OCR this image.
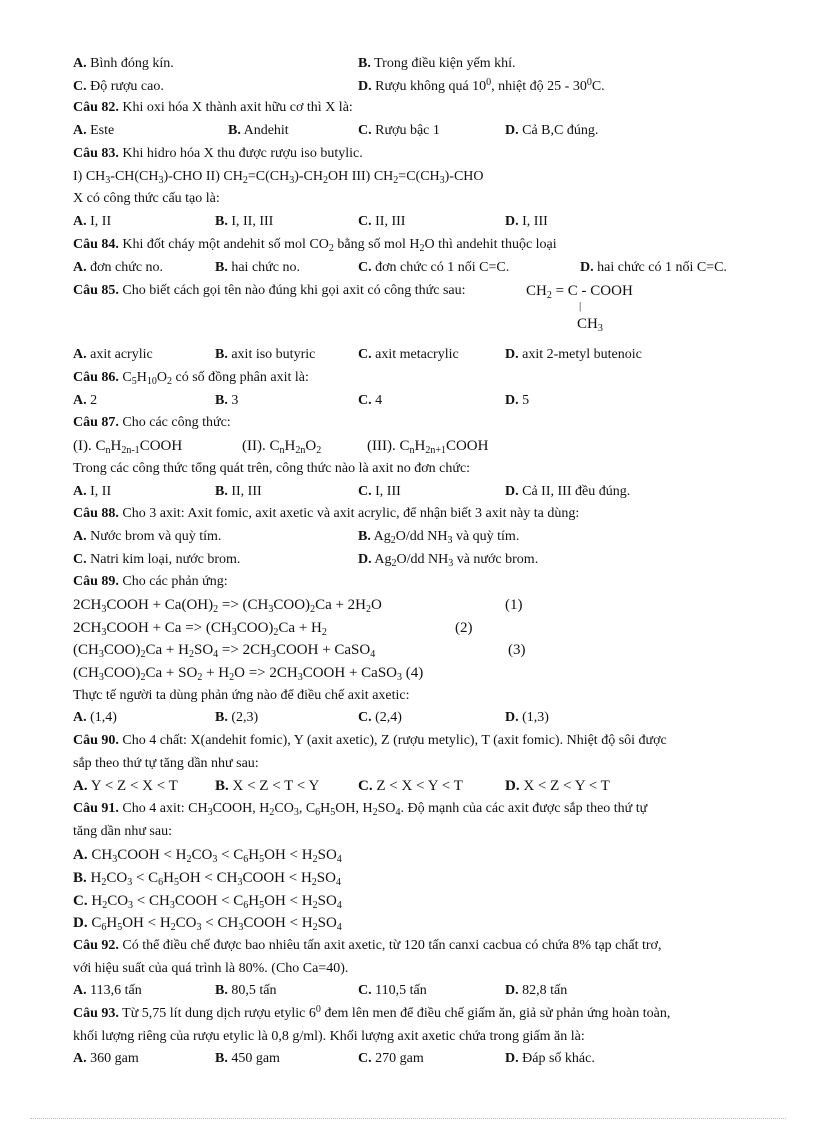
A. Bình đóng kín.	B. Trong điều kiện yếm khí.
C. Độ rượu cao.	D. Rượu không quá $10^0$, nhiệt độ $25 - 30^0C$.
Câu 82. Khi oxi hóa X thành axit hữu cơ thì X là:
A. Este	B. Andehit	C. Rượu bậc 1	D. Cả B,C đúng.
Câu 83. Khi hidro hóa X thu được rượu iso butylic.
I) $CH_3-CH(CH_3)$-CHO II) $CH_2=C(CH_3)-CH_2OH$ III) $CH_2=C(CH_3)$-CHO
X có công thức cấu tạo là:
A. I, II	B. I, II, III	C. II, III	D. I, III
Câu 84. Khi đốt cháy một andehit số mol $CO_2$ bằng số mol $H_2O$ thì andehit thuộc loại
A. đơn chức no.	B. hai chức no.	C. đơn chức có 1 nối C=C.	D. hai chức có 1 nối C=C.
Câu 85. Cho biết cách gọi tên nào đúng khi gọi axit có công thức sau:	$CH_2 = C$ - COOH
|
$CH_3$
A. axit acrylic	B. axit iso butyric	C. axit metacrylic	D. axit 2-metyl butenoic
Câu 86. $C_5H_{10}O_2$ có số đồng phân axit là:
A. 2	B. 3	C. 4	D. 5
Câu 87. Cho các công thức:
(I). $C_nH_{2n-1}COOH$	(II). $C_nH_{2n}O_2$	(III). $C_nH_{2n+1}COOH$
Trong các công thức tổng quát trên, công thức nào là axit no đơn chức:
A. I, II	B. II, III	C. I, III	D. Cả II, III đều đúng.
Câu 88. Cho 3 axit: Axit fomic, axit axetic và axit acrylic, để nhận biết 3 axit này ta dùng:
A. Nước brom và quỳ tím.	B. $Ag_2O/dd$ $NH_3$ và quỳ tím.
C. Natri kim loại, nước brom.	D. $Ag_2O/dd$ $NH_3$ và nước brom.
Câu 89. Cho các phản ứng:
$2CH_3COOH + Ca(OH)_2 => (CH_3COO)_2Ca + 2H_2O$	(1)
$2CH_3COOH + Ca => (CH_3COO)_2Ca + H_2$	(2)
$(CH_3COO)_2Ca + H_2SO_4$ => $2CH_3COOH$ + CaSO$_4$	(3)
$(CH_3COO)_2Ca + SO_2 + H_2O$ => $2CH_3COOH$ + CaSO$_3$ (4)
Thực tế người ta dùng phản ứng nào để điều chế axit axetic:
A. (1,4)	B. (2,3)	C. (2,4)	D. (1,3)
Câu 90. Cho 4 chất: X(andehit fomic), Y (axit axetic), Z (rượu metylic), T (axit fomic). Nhiệt độ sôi được
sắp theo thứ tự tăng dần như sau:
A. Y < Z < X < T B. X < Z < T < Y	C. Z < X < Y < T	D. X < Z < Y < T
Câu 91. Cho 4 axit: $CH_3COOH$, $H_2CO_3$, $C_6H_5OH$, $H_2SO_4$. Độ mạnh của các axit được sắp theo thứ tự
tăng dần như sau:
A. $CH_3COOH < H_2CO_3 < C_6H_5OH < H_2SO_4$
B. $H_2CO_3 < C_6H_5OH$ < $CH_3COOH < H_2SO_4$
C. $H_2CO_3$ < $CH_3COOH < C_6H_5OH < H_2SO_4$
D. $C_6H_5OH < H_2CO_3$ < $CH_3COOH < H_2SO_4$
Câu 92. Có thể điều chế được bao nhiêu tấn axit axetic, từ 120 tấn canxi cacbua có chứa 8% tạp chất trơ,
với hiệu suất của quá trình là 80%. (Cho Ca=40).
A. 113,6 tấn	B. 80,5 tấn	C. 110,5 tấn	D. 82,8 tấn
Câu 93. Từ 5,75 lít dung dịch rượu etylic $6^0$ đem lên men để điều chế giấm ăn, giả sử phản ứng hoàn toàn,
khối lượng riêng của rượu etylic là 0,8 g/ml). Khối lượng axit axetic chứa trong giấm ăn là:
A. 360 gam	B. 450 gam	C. 270 gam	D. Đáp số khác.
